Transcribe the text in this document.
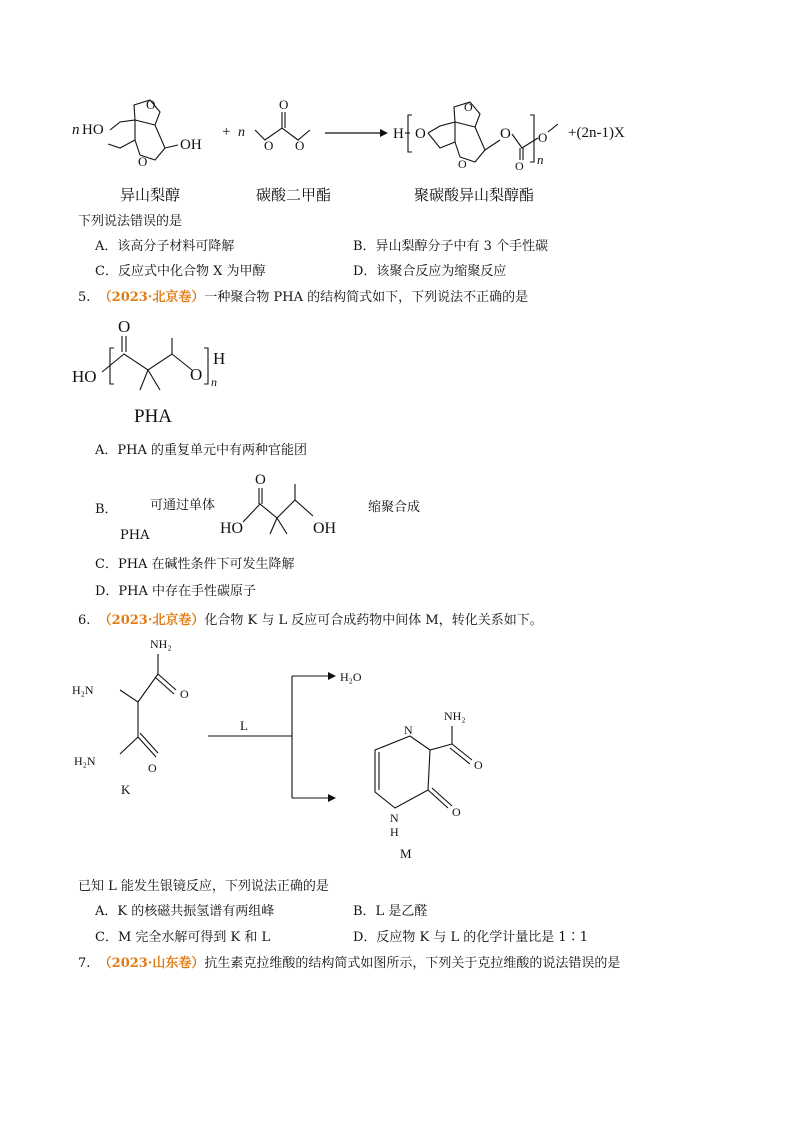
n HO
OH
O
O
+ n
O
O O
H O	O
O n
O
O
O
+(2n-1)X
异山梨醇	碳酸二甲酯	聚碳酸异山梨醇酯
下列说法错误的是
A．该高分子材料可降解	B．异山梨醇分子中有 3 个手性碳
C．反应式中化合物 X 为甲醇	D．该聚合反应为缩聚反应
5. （2023·北京卷）一种聚合物 PHA 的结构简式如下，下列说法不正确的是
O
HO	O n
H
PHA
A．PHA 的重复单元中有两种官能团
B． 可通过单体
PHA
O
HO	OH
缩聚合成
C．PHA 在碱性条件下可发生降解
D．PHA 中存在手性碳原子
6. （2023·北京卷）化合物 K 与 L 反应可合成药物中间体 M，转化关系如下。
NH₂
O
H₂N
H₂N	O
K
L
H₂O
NH₂
O
N
O
N
H
M
已知 L 能发生银镜反应，下列说法正确的是
A．K 的核磁共振氢谱有两组峰	B．L 是乙醛
C．M 完全水解可得到 K 和 L	D．反应物 K 与 L 的化学计量比是 1∶1
7. （2023·山东卷）抗生素克拉维酸的结构简式如图所示，下列关于克拉维酸的说法错误的是
